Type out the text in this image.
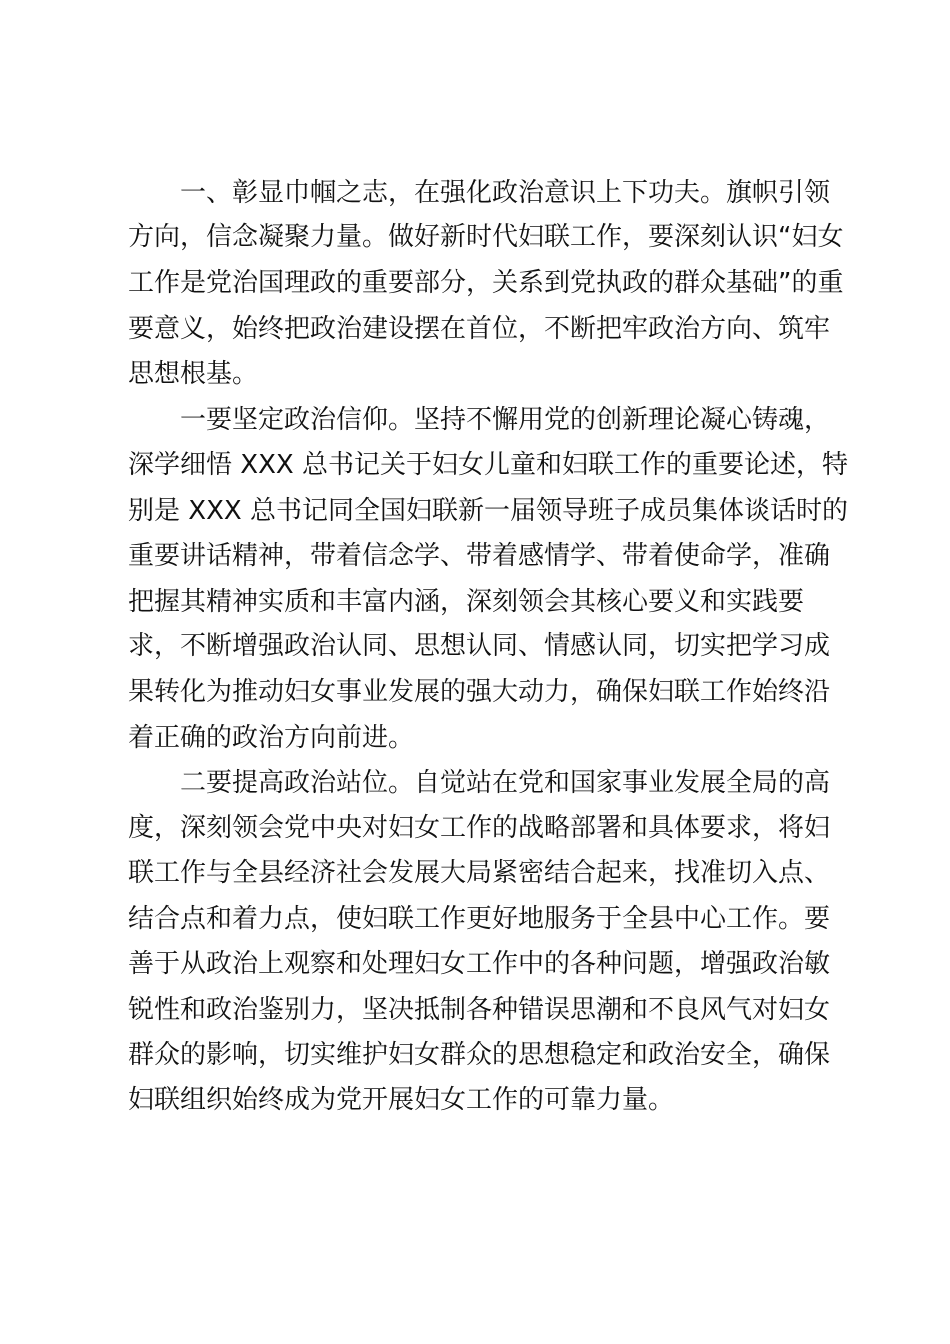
一、彰显巾帼之志，在强化政治意识上下功夫。旗帜引领
方向，信念凝聚力量。做好新时代妇联工作，要深刻认识“妇女
工作是党治国理政的重要部分，关系到党执政的群众基础”的重
要意义，始终把政治建设摆在首位，不断把牢政治方向、筑牢
思想根基。
一要坚定政治信仰。坚持不懈用党的创新理论凝心铸魂，
深学细悟 XXX 总书记关于妇女儿童和妇联工作的重要论述，特
别是 XXX 总书记同全国妇联新一届领导班子成员集体谈话时的
重要讲话精神，带着信念学、带着感情学、带着使命学，准确
把握其精神实质和丰富内涵，深刻领会其核心要义和实践要
求，不断增强政治认同、思想认同、情感认同，切实把学习成
果转化为推动妇女事业发展的强大动力，确保妇联工作始终沿
着正确的政治方向前进。
二要提高政治站位。自觉站在党和国家事业发展全局的高
度，深刻领会党中央对妇女工作的战略部署和具体要求，将妇
联工作与全县经济社会发展大局紧密结合起来，找准切入点、
结合点和着力点，使妇联工作更好地服务于全县中心工作。要
善于从政治上观察和处理妇女工作中的各种问题，增强政治敏
锐性和政治鉴别力，坚决抵制各种错误思潮和不良风气对妇女
群众的影响，切实维护妇女群众的思想稳定和政治安全，确保
妇联组织始终成为党开展妇女工作的可靠力量。
